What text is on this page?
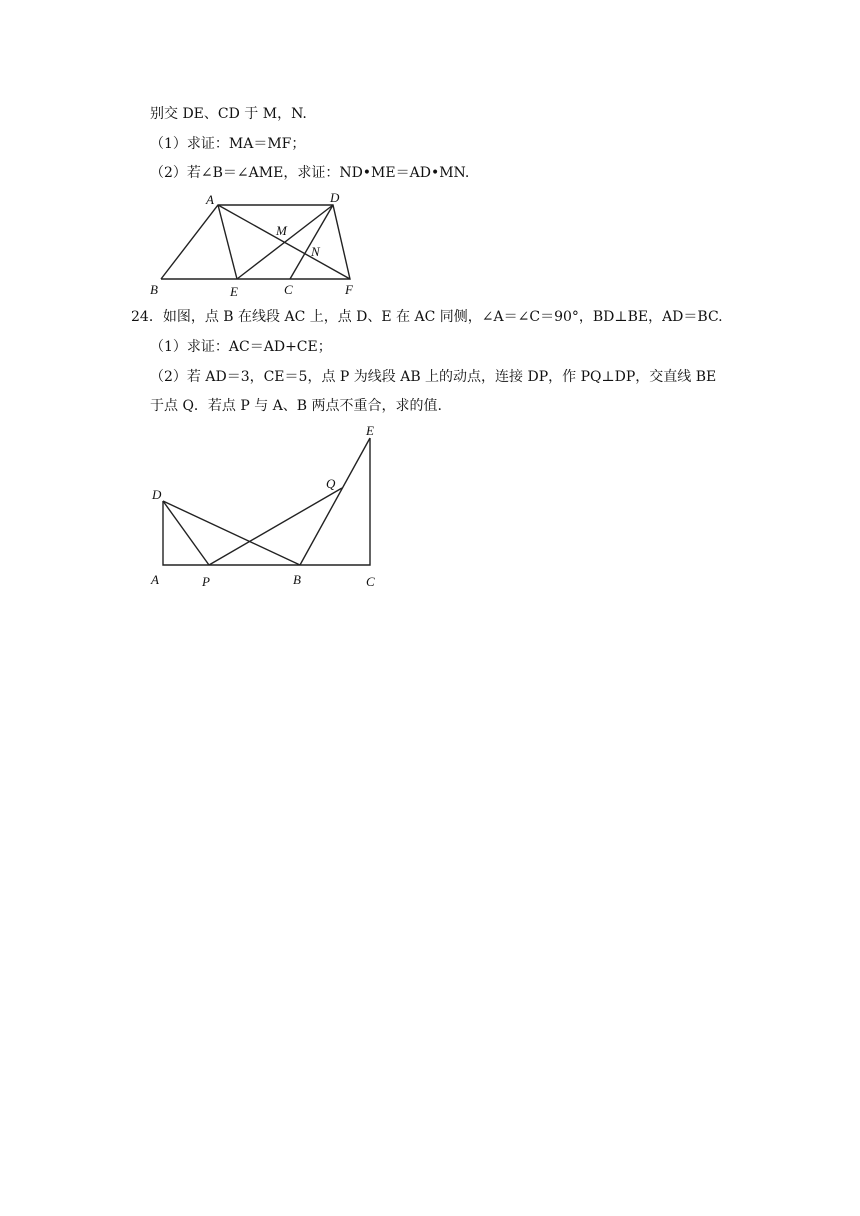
别交 DE、CD 于 M，N.
（1）求证：MA＝MF；
（2）若∠B＝∠AME，求证：ND•ME＝AD•MN.
A	D
M
N
B	E	C	F
24．如图，点 B 在线段 AC 上，点 D、E 在 AC 同侧，∠A＝∠C＝90°，BD⊥BE，AD＝BC.
（1）求证：AC＝AD+CE；
（2）若 AD＝3，CE＝5，点 P 为线段 AB 上的动点，连接 DP，作 PQ⊥DP，交直线 BE
于点 Q．若点 P 与 A、B 两点不重合，求的值.
E
Q
D
A	P	B	C
